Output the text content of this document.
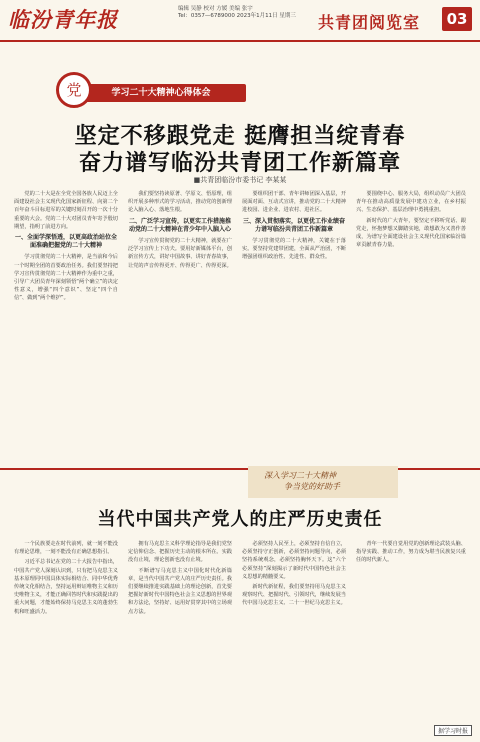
临汾青年报	编辑 吴静 校对 方媛 美编 张宇
Tel：0357—6789000 2023年1月11日 星期三	共青团阅览室	03
学习二十大精神心得体会
党
坚定不移跟党走 挺膺担当绽青春
奋力谱写临汾共青团工作新篇章
■共青团临汾市委书记 李某某

党的二十大是在全党全国各族人民迈上全面建设社会主义现代化国家新征程、向第二个百年奋斗目标进军的关键时刻召开的一次十分重要的大会。党的二十大对团员青年寄予殷切期望，指明了前进方向。

一、全面学深悟透，以更高政治站位全面准确把握党的二十大精神

学习贯彻党的二十大精神，是当前和今后一个时期全团的首要政治任务。我们要坚持把学习宣传贯彻党的二十大精神作为重中之重，引导广大团员青年深刻领悟“两个确立”的决定性意义，增强“四个意识”、坚定“四个自信”、做到“两个维护”。

我们要坚持读原著、学原文、悟原理，组织开展多种形式的学习活动，推动党的创新理论入脑入心、落地生根。

二、广泛学习宣传，以更实工作措施推动党的二十大精神在青少年中入脑入心

学习宣传贯彻党的二十大精神，就要在广泛学习宣传上下功夫。要用好新媒体平台，创新宣传方式，讲好中国故事、讲好青春故事，让党的声音传得更开、传得更广、传得更深。

要组织团干部、青年讲师团深入基层，开展面对面、互动式宣讲，推动党的二十大精神进校园、进企业、进农村、进社区。

三、深入贯彻落实，以更优工作业绩奋力谱写临汾共青团工作新篇章

学习贯彻党的二十大精神，关键在于落实。要坚持党建带团建，全面从严治团，不断增强团组织政治性、先进性、群众性。

要围绕中心、服务大局，组织动员广大团员青年在推动高质量发展中建功立业，在乡村振兴、生态保护、基层治理中勇挑重担。

新时代的广大青年，要坚定不移听党话、跟党走，怀抱梦想又脚踏实地，敢想敢为又善作善成，为谱写全面建设社会主义现代化国家临汾篇章贡献青春力量。

深入学习二十大精神
争当党的好助手
当代中国共产党人的庄严历史责任

一个民族要走在时代前列，就一刻不能没有理论思维，一刻不能没有正确思想指引。

习近平总书记在党的二十大报告中指出，中国共产党人深刻认识到，只有把马克思主义基本原理同中国具体实际相结合、同中华优秀传统文化相结合，坚持运用辩证唯物主义和历史唯物主义，才能正确回答时代和实践提出的重大问题，才能始终保持马克思主义的蓬勃生机和旺盛活力。

拥有马克思主义科学理论指导是我们党坚定信仰信念、把握历史主动的根本所在。实践没有止境，理论创新也没有止境。

不断谱写马克思主义中国化时代化新篇章，是当代中国共产党人的庄严历史责任。我们要继续推进实践基础上的理论创新，首先要把握好新时代中国特色社会主义思想的世界观和方法论，坚持好、运用好贯穿其中的立场观点方法。

必须坚持人民至上，必须坚持自信自立，必须坚持守正创新，必须坚持问题导向，必须坚持系统观念，必须坚持胸怀天下。这“六个必须坚持”深刻揭示了新时代中国特色社会主义思想的精髓要义。

新时代新征程，我们要坚持用马克思主义观察时代、把握时代、引领时代，继续发展当代中国马克思主义、二十一世纪马克思主义。

青年一代要自觉用党的创新理论武装头脑、指导实践、推动工作，努力成为堪当民族复兴重任的时代新人。

据学习时报
